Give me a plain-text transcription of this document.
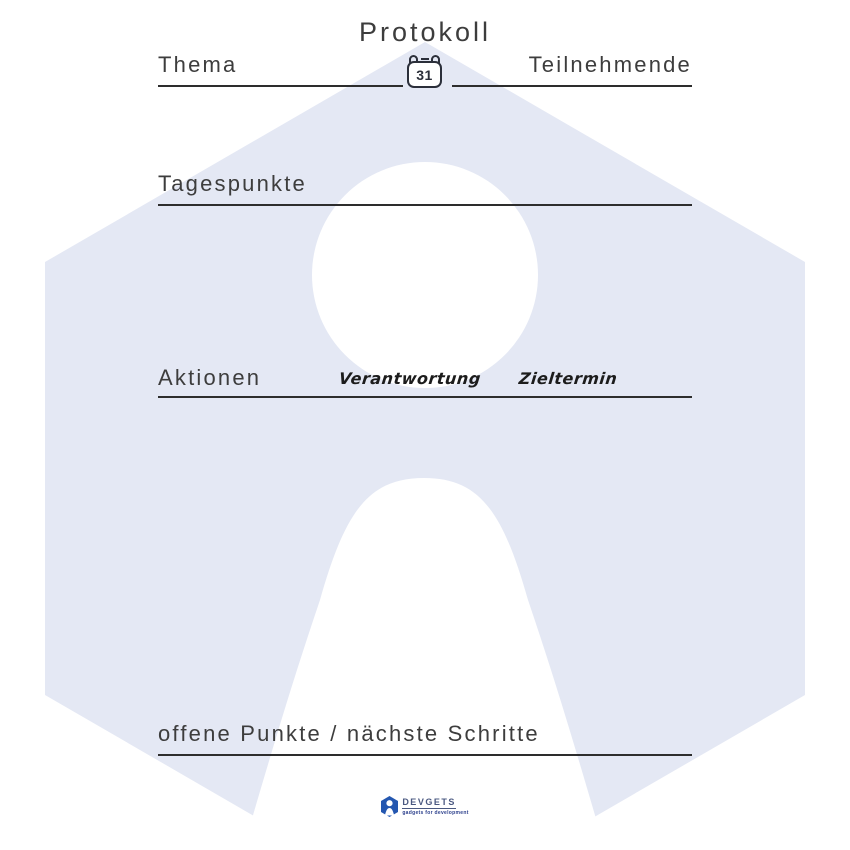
Protokoll
Thema	31	Teilnehmende
Tagespunkte
Aktionen	Verantwortung Zieltermin
offene Punkte / nächste Schritte
DEVGETS
gadgets for development
